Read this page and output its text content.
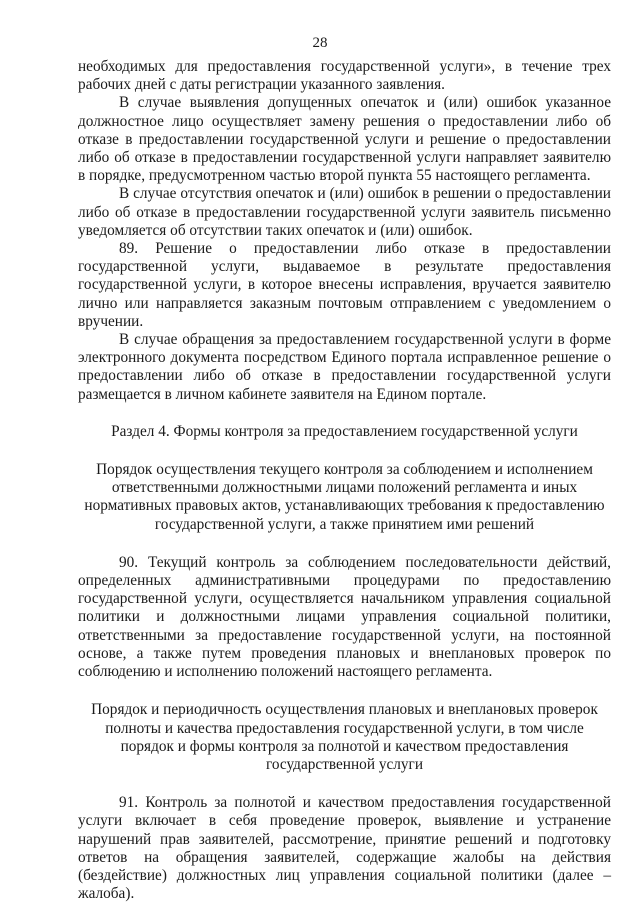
28

необходимых для предоставления государственной услуги», в течение трех рабочих дней с даты регистрации указанного заявления.

В случае выявления допущенных опечаток и (или) ошибок указанное должностное лицо осуществляет замену решения о предоставлении либо об отказе в предоставлении государственной услуги и решение о предоставлении либо об отказе в предоставлении государственной услуги направляет заявителю в порядке, предусмотренном частью второй пункта 55 настоящего регламента.

В случае отсутствия опечаток и (или) ошибок в решении о предоставлении либо об отказе в предоставлении государственной услуги заявитель письменно уведомляется об отсутствии таких опечаток и (или) ошибок.

89. Решение о предоставлении либо отказе в предоставлении государственной услуги, выдаваемое в результате предоставления государственной услуги, в которое внесены исправления, вручается заявителю лично или направляется заказным почтовым отправлением с уведомлением о вручении.

В случае обращения за предоставлением государственной услуги в форме электронного документа посредством Единого портала исправленное решение о предоставлении либо об отказе в предоставлении государственной услуги размещается в личном кабинете заявителя на Едином портале.

Раздел 4. Формы контроля за предоставлением государственной услуги

Порядок осуществления текущего контроля за соблюдением и исполнением ответственными должностными лицами положений регламента и иных нормативных правовых актов, устанавливающих требования к предоставлению государственной услуги, а также принятием ими решений

90. Текущий контроль за соблюдением последовательности действий, определенных административными процедурами по предоставлению государственной услуги, осуществляется начальником управления социальной политики и должностными лицами управления социальной политики, ответственными за предоставление государственной услуги, на постоянной основе, а также путем проведения плановых и внеплановых проверок по соблюдению и исполнению положений настоящего регламента.

Порядок и периодичность осуществления плановых и внеплановых проверок полноты и качества предоставления государственной услуги, в том числе порядок и формы контроля за полнотой и качеством предоставления государственной услуги

91. Контроль за полнотой и качеством предоставления государственной услуги включает в себя проведение проверок, выявление и устранение нарушений прав заявителей, рассмотрение, принятие решений и подготовку ответов на обращения заявителей, содержащие жалобы на действия (бездействие) должностных лиц управления социальной политики (далее – жалоба).
